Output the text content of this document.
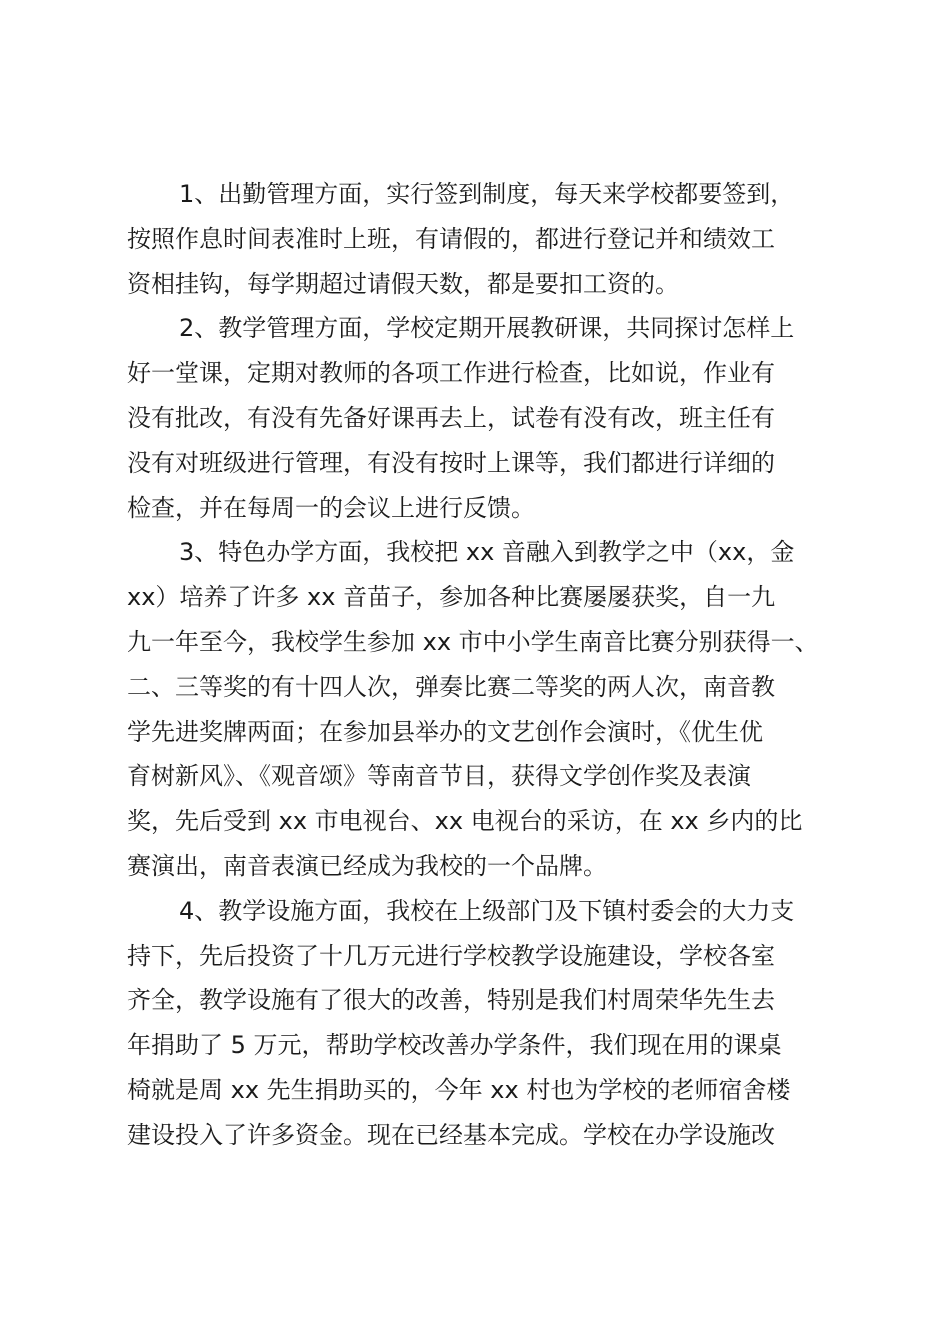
1、出勤管理方面，实行签到制度，每天来学校都要签到，
按照作息时间表准时上班，有请假的，都进行登记并和绩效工
资相挂钩，每学期超过请假天数，都是要扣工资的。
2、教学管理方面，学校定期开展教研课，共同探讨怎样上
好一堂课，定期对教师的各项工作进行检查，比如说，作业有
没有批改，有没有先备好课再去上，试卷有没有改，班主任有
没有对班级进行管理，有没有按时上课等，我们都进行详细的
检查，并在每周一的会议上进行反馈。
3、特色办学方面，我校把 xx 音融入到教学之中（xx，金
xx）培养了许多 xx 音苗子，参加各种比赛屡屡获奖，自一九
九一年至今，我校学生参加 xx 市中小学生南音比赛分别获得一、
二、三等奖的有十四人次，弹奏比赛二等奖的两人次，南音教
学先进奖牌两面；在参加县举办的文艺创作会演时，《优生优
育树新风》、《观音颂》等南音节目，获得文学创作奖及表演
奖，先后受到 xx 市电视台、xx 电视台的采访，在 xx 乡内的比
赛演出，南音表演已经成为我校的一个品牌。
4、教学设施方面，我校在上级部门及下镇村委会的大力支
持下，先后投资了十几万元进行学校教学设施建设，学校各室
齐全，教学设施有了很大的改善，特别是我们村周荣华先生去
年捐助了 5 万元，帮助学校改善办学条件，我们现在用的课桌
椅就是周 xx 先生捐助买的，今年 xx 村也为学校的老师宿舍楼
建设投入了许多资金。现在已经基本完成。学校在办学设施改
